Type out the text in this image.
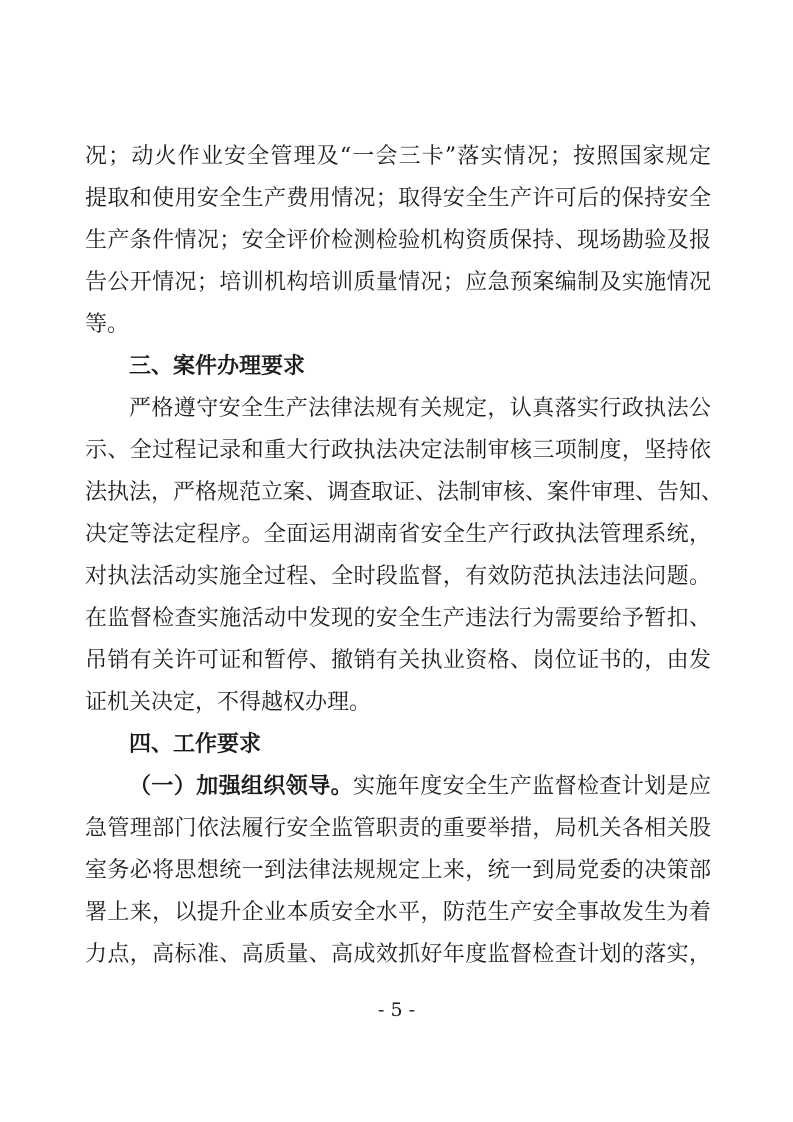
况；动火作业安全管理及“一会三卡”落实情况；按照国家规定
提取和使用安全生产费用情况；取得安全生产许可后的保持安全
生产条件情况；安全评价检测检验机构资质保持、现场勘验及报
告公开情况；培训机构培训质量情况；应急预案编制及实施情况
等。
三、案件办理要求
严格遵守安全生产法律法规有关规定，认真落实行政执法公
示、全过程记录和重大行政执法决定法制审核三项制度，坚持依
法执法，严格规范立案、调查取证、法制审核、案件审理、告知、
决定等法定程序。全面运用湖南省安全生产行政执法管理系统，
对执法活动实施全过程、全时段监督，有效防范执法违法问题。
在监督检查实施活动中发现的安全生产违法行为需要给予暂扣、
吊销有关许可证和暂停、撤销有关执业资格、岗位证书的，由发
证机关决定，不得越权办理。
四、工作要求
（一）加强组织领导。实施年度安全生产监督检查计划是应
急管理部门依法履行安全监管职责的重要举措，局机关各相关股
室务必将思想统一到法律法规规定上来，统一到局党委的决策部
署上来，以提升企业本质安全水平，防范生产安全事故发生为着
力点，高标准、高质量、高成效抓好年度监督检查计划的落实，
- 5 -
